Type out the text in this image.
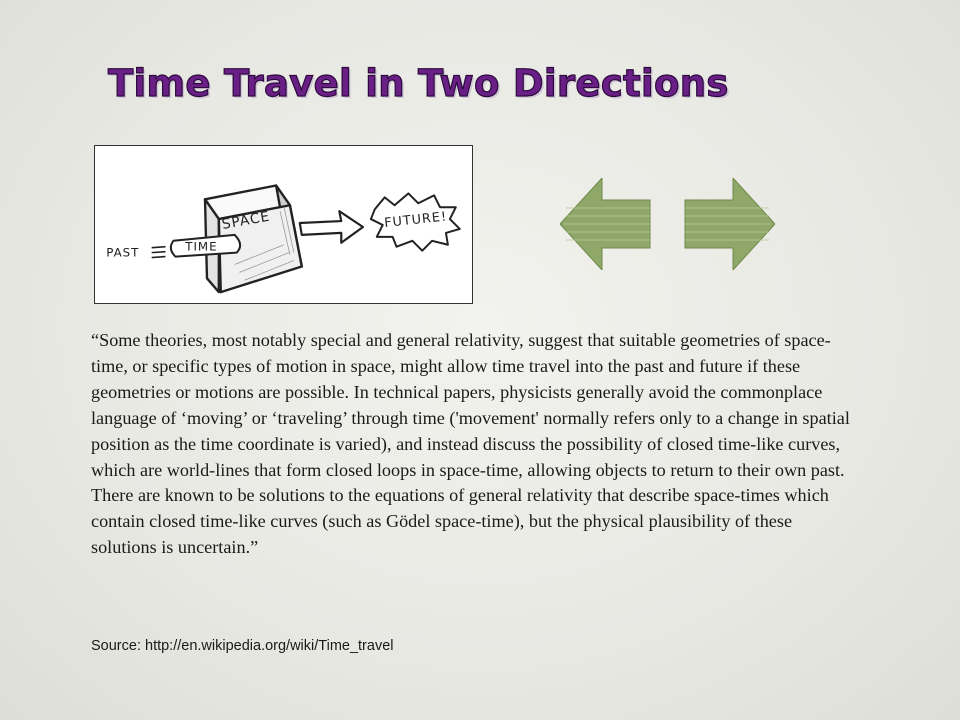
Time Travel in Two Directions
PAST
SPACE
TIME
FUTURE!

“Some theories, most notably special and general relativity, suggest that suitable geometries of space-time, or specific types of motion in space, might allow time travel into the past and future if these geometries or motions are possible. In technical papers, physicists generally avoid the commonplace language of ‘moving’ or ‘traveling’ through time ('movement' normally refers only to a change in spatial position as the time coordinate is varied), and instead discuss the possibility of closed time-like curves, which are world-lines that form closed loops in space-time, allowing objects to return to their own past. There are known to be solutions to the equations of general relativity that describe space-times which contain closed time-like curves (such as Gödel space-time), but the physical plausibility of these solutions is uncertain.”

Source: http://en.wikipedia.org/wiki/Time_travel
